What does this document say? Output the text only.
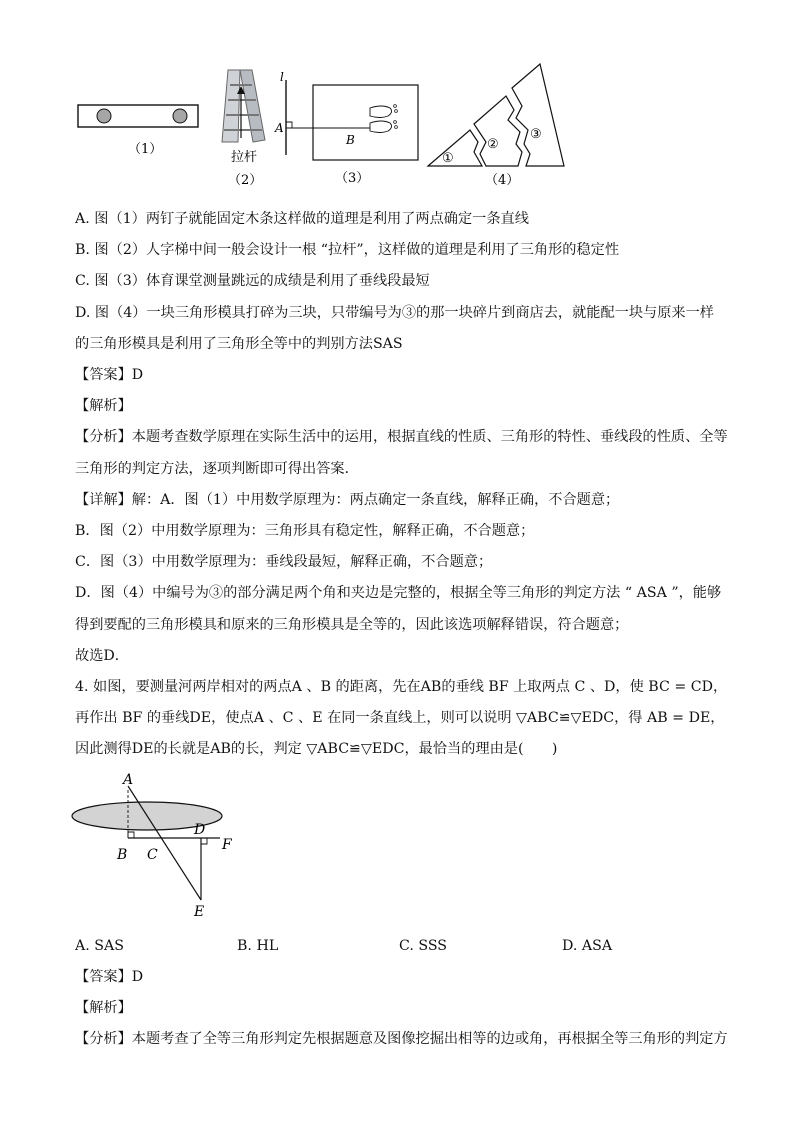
（1）
拉杆
（2）
l
A
B
（3）
①
②
③
（4）
A. 图（1）两钉子就能固定木条这样做的道理是利用了两点确定一条直线
B. 图（2）人字梯中间一般会设计一根 “拉杆”，这样做的道理是利用了三角形的稳定性
C. 图（3）体育课堂测量跳远的成绩是利用了垂线段最短
D. 图（4）一块三角形模具打碎为三块，只带编号为③的那一块碎片到商店去，就能配一块与原来一样
的三角形模具是利用了三角形全等中的判别方法SAS
【答案】D
【解析】
【分析】本题考查数学原理在实际生活中的运用，根据直线的性质、三角形的特性、垂线段的性质、全等
三角形的判定方法，逐项判断即可得出答案．
【详解】解：A．图（1）中用数学原理为：两点确定一条直线，解释正确，不合题意；
B．图（2）中用数学原理为：三角形具有稳定性，解释正确，不合题意；
C．图（3）中用数学原理为：垂线段最短，解释正确，不合题意；
D．图（4）中编号为③的部分满足两个角和夹边是完整的，根据全等三角形的判定方法 “ ASA ”，能够
得到要配的三角形模具和原来的三角形模具是全等的，因此该选项解释错误，符合题意；
故选D．
4. 如图，要测量河两岸相对的两点A 、B 的距离，先在AB的垂线 BF 上取两点 C 、D，使 BC = CD，
再作出 BF 的垂线DE，使点A 、C 、E 在同一条直线上，则可以说明 ▽ABC≌▽EDC，得 AB = DE，
因此测得DE的长就是AB的长，判定 ▽ABC≌▽EDC，最恰当的理由是(　　)
A
B C
D
F
E
A. SAS	B. HL	C. SSS	D. ASA
【答案】D
【解析】
【分析】本题考查了全等三角形判定先根据题意及图像挖掘出相等的边或角，再根据全等三角形的判定方
